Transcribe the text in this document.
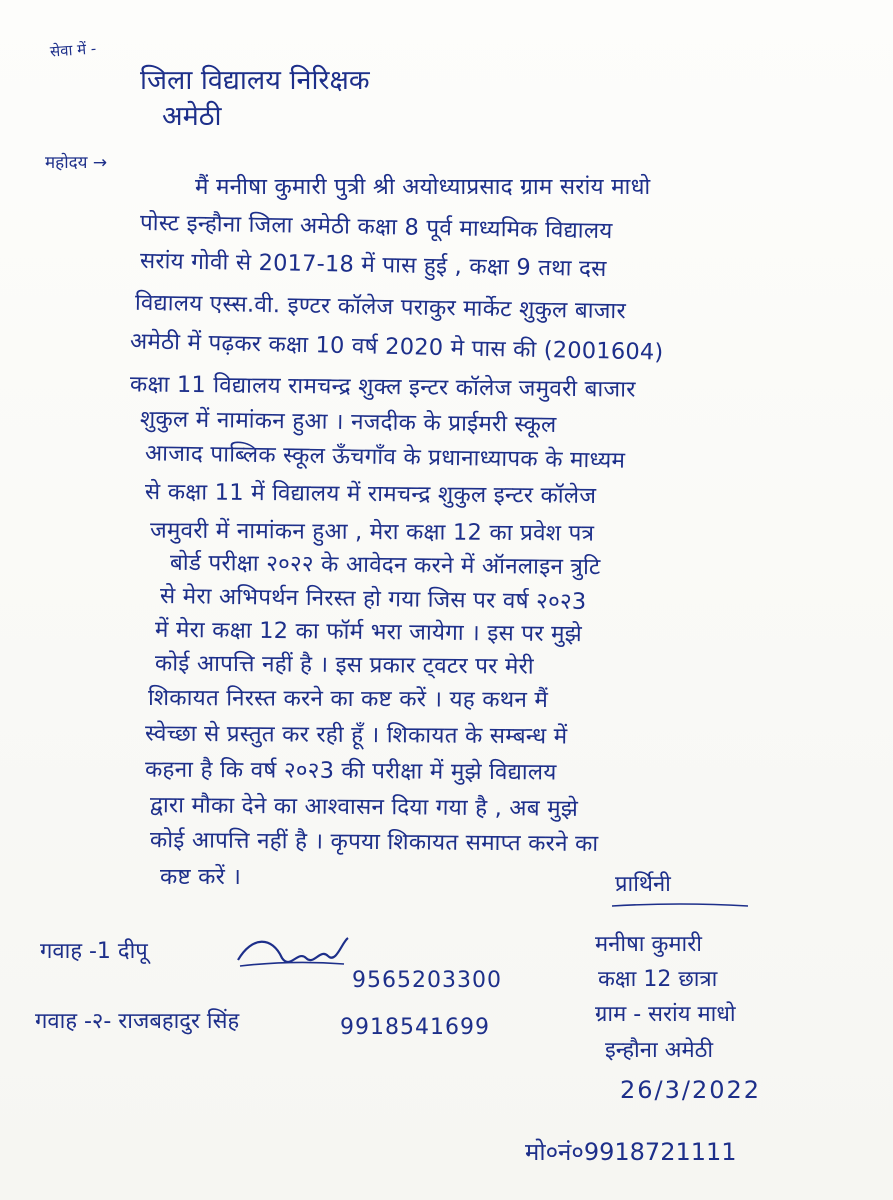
सेवा में -
जिला विद्यालय निरिक्षक
अमेठी
महोदय →
मैं मनीषा कुमारी पुत्री श्री अयोध्याप्रसाद ग्राम सरांय माधो
पोस्ट इन्हौना जिला अमेठी कक्षा 8 पूर्व माध्यमिक विद्यालय
सरांय गोवी से 2017-18 में पास हुई , कक्षा 9 तथा दस
विद्यालय एस्स.वी. इण्टर कॉलेज पराकुर मार्केट शुकुल बाजार
अमेठी में पढ़कर कक्षा 10 वर्ष 2020 मे पास की (2001604)
कक्षा 11 विद्यालय रामचन्द्र शुक्ल इन्टर कॉलेज जमुवरी बाजार
शुकुल में नामांकन हुआ । नजदीक के प्राईमरी स्कूल
आजाद पाब्लिक स्कूल ऊँचगाँव के प्रधानाध्यापक के माध्यम
से कक्षा 11 में विद्यालय में रामचन्द्र शुकुल इन्टर कॉलेज
जमुवरी में नामांकन हुआ , मेरा कक्षा 12 का प्रवेश पत्र
बोर्ड परीक्षा २०२२ के आवेदन करने में ऑनलाइन त्रुटि
से मेरा अभिपर्थन निरस्त हो गया जिस पर वर्ष २०२3
में मेरा कक्षा 12 का फॉर्म भरा जायेगा । इस पर मुझे
कोई आपत्ति नहीं है । इस प्रकार ट्वटर पर मेरी
शिकायत निरस्त करने का कष्ट करें । यह कथन मैं
स्वेच्छा से प्रस्तुत कर रही हूँ । शिकायत के सम्बन्ध में
कहना है कि वर्ष २०२3 की परीक्षा में मुझे विद्यालय
द्वारा मौका देने का आश्वासन दिया गया है , अब मुझे
कोई आपत्ति नहीं है । कृपया शिकायत समाप्त करने का
कष्ट करें ।	प्रार्थिनी
मनीषा कुमारी
कक्षा 12 छात्रा
ग्राम - सरांय माधो
इन्हौना अमेठी
26/3/2022
मो०नं०9918721111
गवाह -1 दीपू
9565203300
गवाह -२- राजबहादुर सिंह	9918541699
